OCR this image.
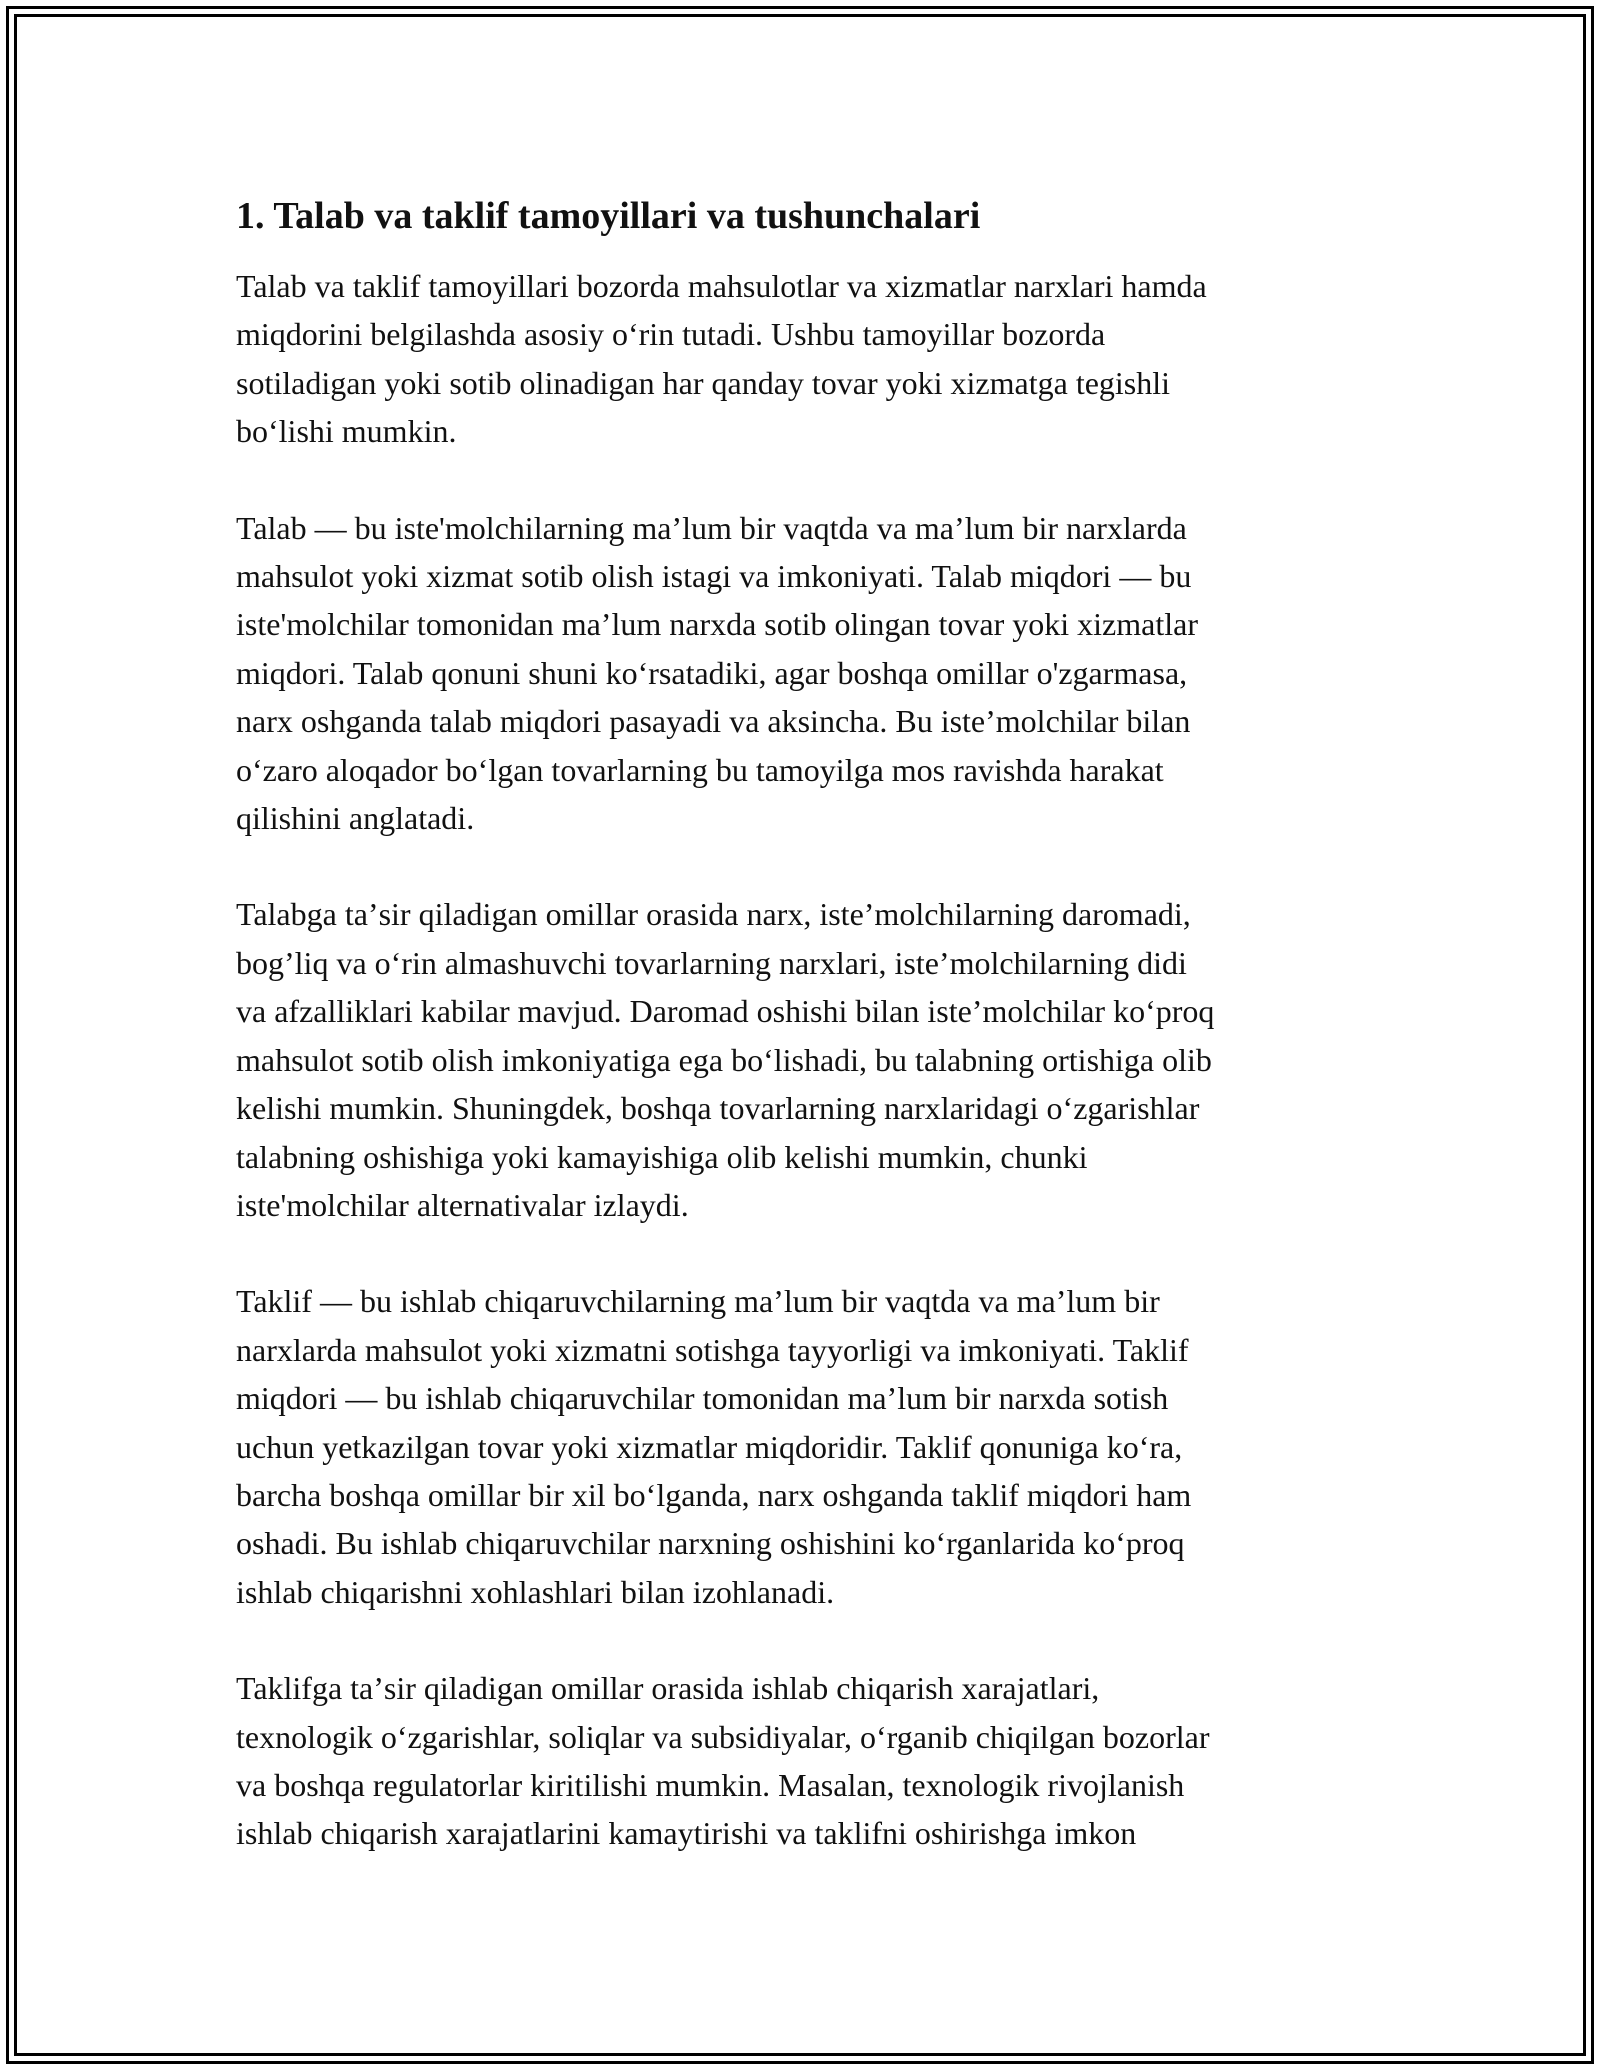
1. Talab va taklif tamoyillari va tushunchalari

Talab va taklif tamoyillari bozorda mahsulotlar va xizmatlar narxlari hamda
miqdorini belgilashda asosiy oʻrin tutadi. Ushbu tamoyillar bozorda
sotiladigan yoki sotib olinadigan har qanday tovar yoki xizmatga tegishli
boʻlishi mumkin.

Talab — bu iste'molchilarning maʼlum bir vaqtda va maʼlum bir narxlarda
mahsulot yoki xizmat sotib olish istagi va imkoniyati. Talab miqdori — bu
iste'molchilar tomonidan maʼlum narxda sotib olingan tovar yoki xizmatlar
miqdori. Talab qonuni shuni koʻrsatadiki, agar boshqa omillar o'zgarmasa,
narx oshganda talab miqdori pasayadi va aksincha. Bu isteʼmolchilar bilan
oʻzaro aloqador boʻlgan tovarlarning bu tamoyilga mos ravishda harakat
qilishini anglatadi.

Talabga taʼsir qiladigan omillar orasida narx, isteʼmolchilarning daromadi,
bogʼliq va oʻrin almashuvchi tovarlarning narxlari, isteʼmolchilarning didi
va afzalliklari kabilar mavjud. Daromad oshishi bilan isteʼmolchilar koʻproq
mahsulot sotib olish imkoniyatiga ega boʻlishadi, bu talabning ortishiga olib
kelishi mumkin. Shuningdek, boshqa tovarlarning narxlaridagi oʻzgarishlar
talabning oshishiga yoki kamayishiga olib kelishi mumkin, chunki
iste'molchilar alternativalar izlaydi.

Taklif — bu ishlab chiqaruvchilarning maʼlum bir vaqtda va maʼlum bir
narxlarda mahsulot yoki xizmatni sotishga tayyorligi va imkoniyati. Taklif
miqdori — bu ishlab chiqaruvchilar tomonidan maʼlum bir narxda sotish
uchun yetkazilgan tovar yoki xizmatlar miqdoridir. Taklif qonuniga koʻra,
barcha boshqa omillar bir xil boʻlganda, narx oshganda taklif miqdori ham
oshadi. Bu ishlab chiqaruvchilar narxning oshishini koʻrganlarida koʻproq
ishlab chiqarishni xohlashlari bilan izohlanadi.

Taklifga taʼsir qiladigan omillar orasida ishlab chiqarish xarajatlari,
texnologik oʻzgarishlar, soliqlar va subsidiyalar, oʻrganib chiqilgan bozorlar
va boshqa regulatorlar kiritilishi mumkin. Masalan, texnologik rivojlanish
ishlab chiqarish xarajatlarini kamaytirishi va taklifni oshirishga imkon
